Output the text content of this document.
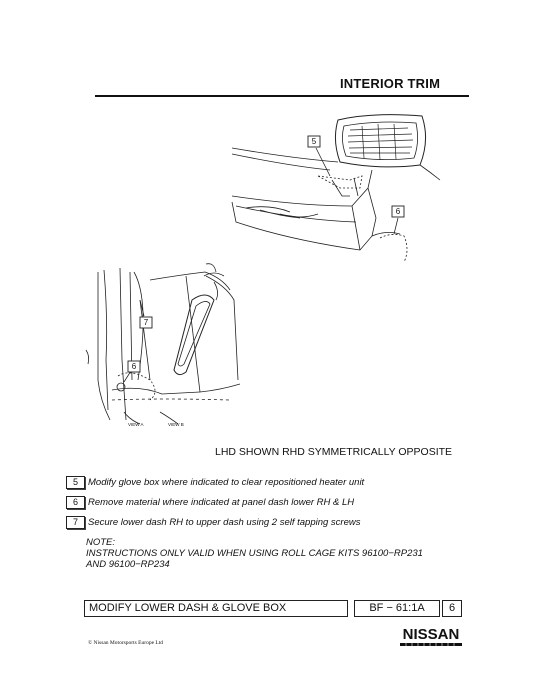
INTERIOR TRIM
5
6
7
6
VIEW A	VIEW B
LHD SHOWN RHD SYMMETRICALLY OPPOSITE
5	Modify glove box where indicated to clear repositioned heater unit
6	Remove material where indicated at panel dash lower RH & LH
7	Secure lower dash RH to upper dash using 2 self tapping screws
NOTE:
INSTRUCTIONS ONLY VALID WHEN USING ROLL CAGE KITS 96100−RP231
AND 96100−RP234
MODIFY LOWER DASH & GLOVE BOX	BF − 61:1A	6
© Nissan Motorsports Europe Ltd	NISSAN
